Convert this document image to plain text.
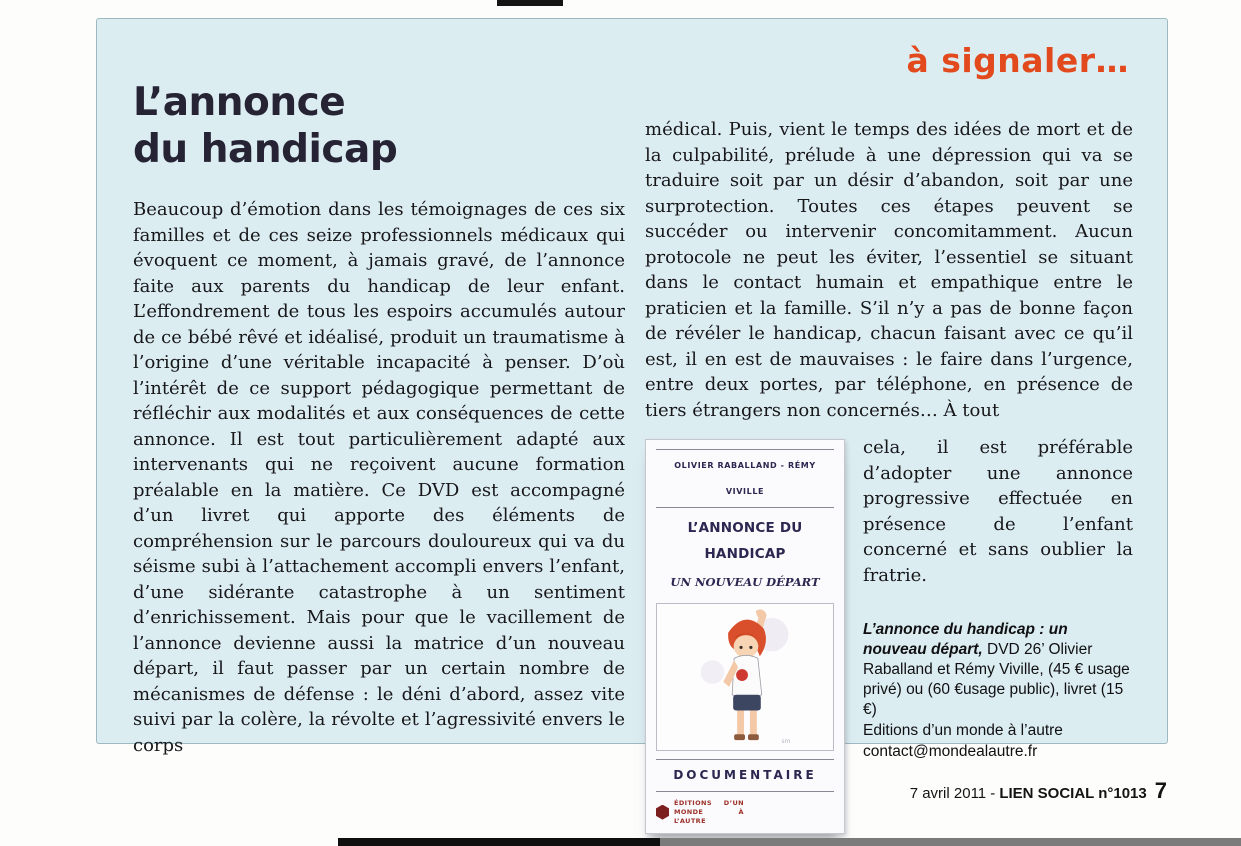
à signaler…
L’annonce
du handicap

Beaucoup d’émotion dans les témoignages de ces six familles et de ces seize professionnels médicaux qui évoquent ce moment, à jamais gravé, de l’annonce faite aux parents du handicap de leur enfant. L’effondrement de tous les espoirs accumulés autour de ce bébé rêvé et idéalisé, produit un traumatisme à l’origine d’une véritable incapacité à penser. D’où l’intérêt de ce support pédagogique permettant de réfléchir aux modalités et aux conséquences de cette annonce. Il est tout particulièrement adapté aux intervenants qui ne reçoivent aucune formation préalable en la matière. Ce DVD est accompagné d’un livret qui apporte des éléments de compréhension sur le parcours douloureux qui va du séisme subi à l’attachement accompli envers l’enfant, d’une sidérante catastrophe à un sentiment d’enrichissement. Mais pour que le vacillement de l’annonce devienne aussi la matrice d’un nouveau départ, il faut passer par un certain nombre de mécanismes de défense : le déni d’abord, assez vite suivi par la colère, la révolte et l’agressivité envers le corps

médical. Puis, vient le temps des idées de mort et de la culpabilité, prélude à une dépression qui va se traduire soit par un désir d’abandon, soit par une surprotection. Toutes ces étapes peuvent se succéder ou intervenir concomitamment. Aucun protocole ne peut les éviter, l’essentiel se situant dans le contact humain et empathique entre le praticien et la famille. S’il n’y a pas de bonne façon de révéler le handicap, chacun faisant avec ce qu’il est, il en est de mauvaises : le faire dans l’urgence, entre deux portes, par téléphone, en présence de tiers étrangers non concernés… À tout

OLIVIER RABALLAND - RÉMY VIVILLE
L’ANNONCE DU HANDICAP
UN NOUVEAU DÉPART
sm
DOCUMENTAIRE
ÉDITIONS D’UN MONDE À L’AUTRE

cela, il est préférable d’adopter une annonce progressive effectuée en présence de l’enfant concerné et sans oublier la fratrie.

L’annonce du handicap : un nouveau départ, DVD 26’ Olivier Raballand et Rémy Viville, (45 € usage privé) ou (60 €usage public), livret (15 €)

Editions d’un monde à l’autre

contact@mondealautre.fr

7 avril 2011 - LIEN SOCIAL n°1013 7
